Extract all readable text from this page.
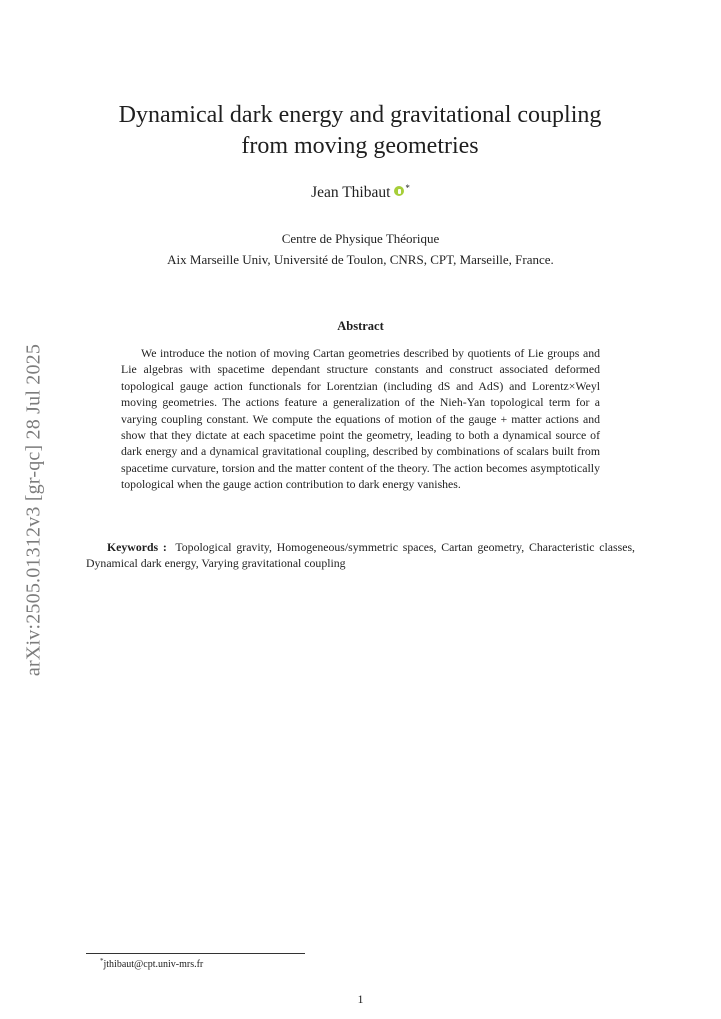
arXiv:2505.01312v3 [gr-qc] 28 Jul 2025
Dynamical dark energy and gravitational coupling
from moving geometries
Jean Thibaut *
Centre de Physique Théorique
Aix Marseille Univ, Université de Toulon, CNRS, CPT, Marseille, France.
Abstract

We introduce the notion of moving Cartan geometries described by quotients of Lie groups and Lie algebras with spacetime dependant structure constants and construct associated deformed topological gauge action functionals for Lorentzian (including dS and AdS) and Lorentz×Weyl moving geometries. The actions feature a generalization of the Nieh-Yan topological term for a varying coupling constant. We compute the equations of motion of the gauge + matter actions and show that they dictate at each spacetime point the geometry, leading to both a dynamical source of dark energy and a dynamical gravitational coupling, described by combinations of scalars built from spacetime curvature, torsion and the matter content of the theory. The action becomes asymptotically topological when the gauge action contribution to dark energy vanishes.

Keywords : Topological gravity, Homogeneous/symmetric spaces, Cartan geometry, Characteristic classes, Dynamical dark energy, Varying gravitational coupling

*jthibaut@cpt.univ-mrs.fr
1
